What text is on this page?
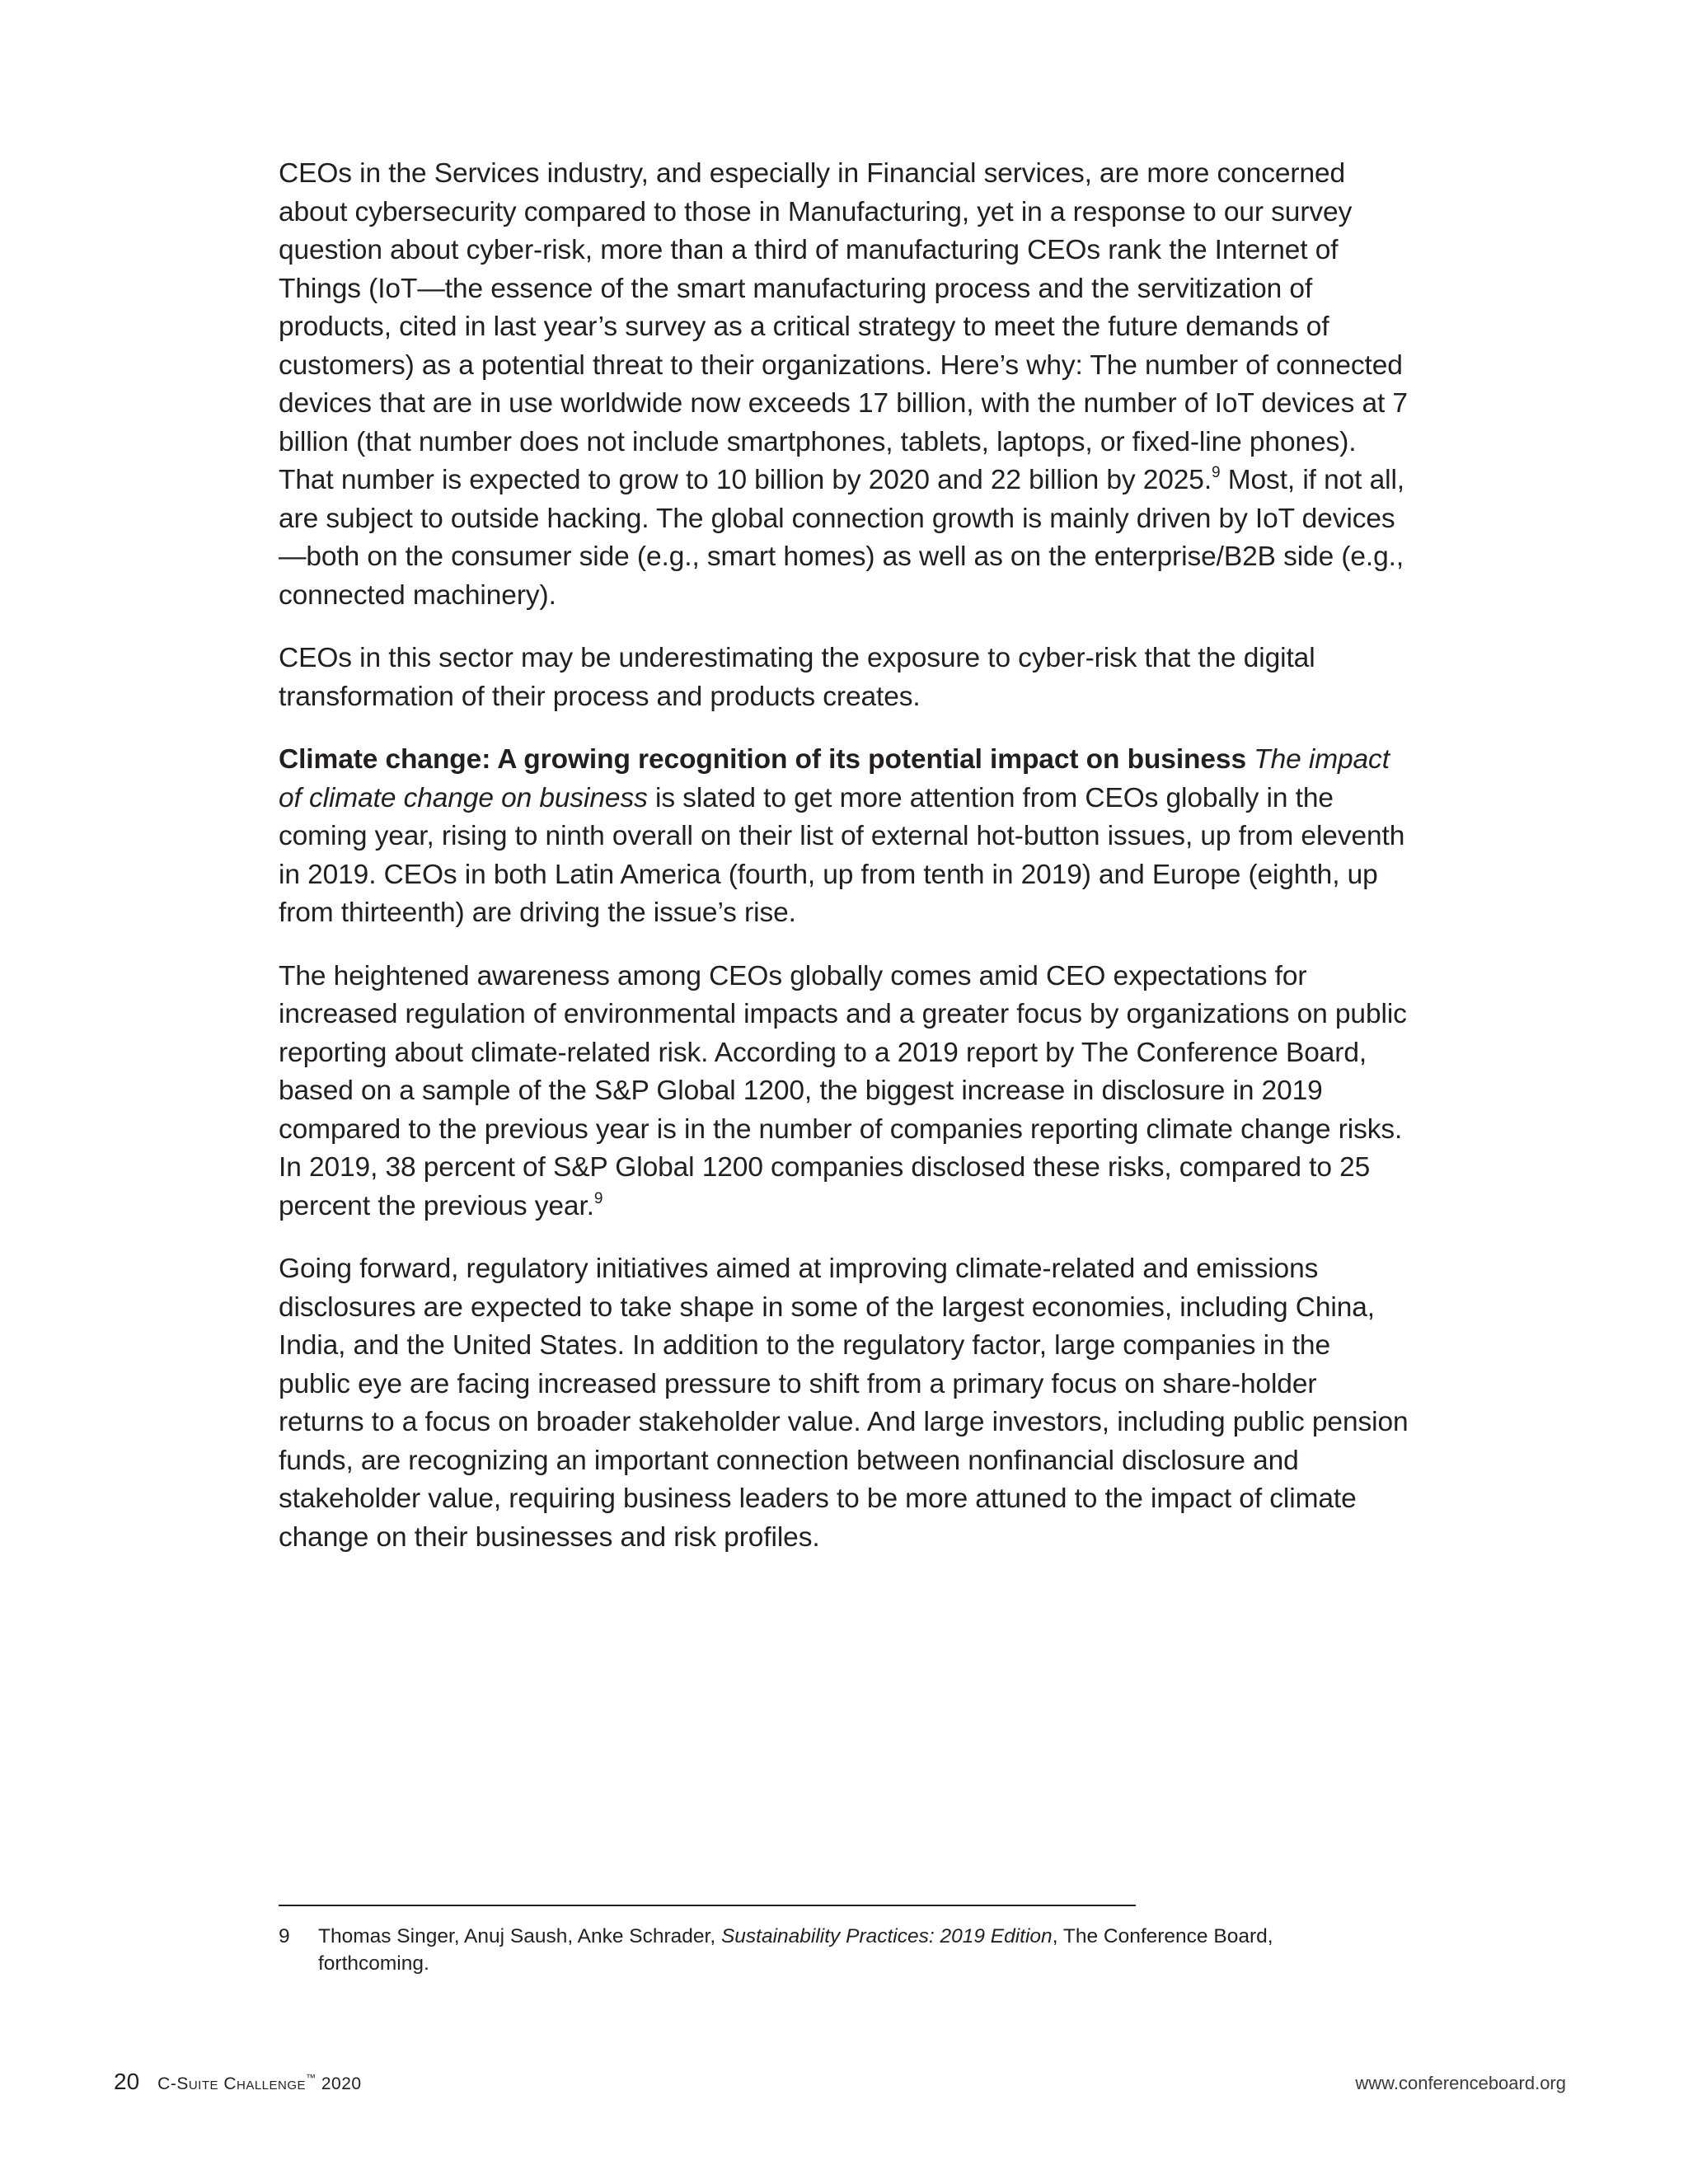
CEOs in the Services industry, and especially in Financial services, are more concerned about cybersecurity compared to those in Manufacturing, yet in a response to our survey question about cyber-risk, more than a third of manufacturing CEOs rank the Internet of Things (IoT—the essence of the smart manufacturing process and the servitization of products, cited in last year’s survey as a critical strategy to meet the future demands of customers) as a potential threat to their organizations. Here’s why: The number of connected devices that are in use worldwide now exceeds 17 billion, with the number of IoT devices at 7 billion (that number does not include smartphones, tablets, laptops, or fixed-line phones). That number is expected to grow to 10 billion by 2020 and 22 billion by 2025.$^9$ Most, if not all, are subject to outside hacking. The global connection growth is mainly driven by IoT devices—both on the consumer side (e.g., smart homes) as well as on the enterprise/B2B side (e.g., connected machinery).

CEOs in this sector may be underestimating the exposure to cyber-risk that the digital transformation of their process and products creates.

Climate change: A growing recognition of its potential impact on business The impact of climate change on business is slated to get more attention from CEOs globally in the coming year, rising to ninth overall on their list of external hot-button issues, up from eleventh in 2019. CEOs in both Latin America (fourth, up from tenth in 2019) and Europe (eighth, up from thirteenth) are driving the issue’s rise.

The heightened awareness among CEOs globally comes amid CEO expectations for increased regulation of environmental impacts and a greater focus by organizations on public reporting about climate-related risk. According to a 2019 report by The Conference Board, based on a sample of the S&P Global 1200, the biggest increase in disclosure in 2019 compared to the previous year is in the number of companies reporting climate change risks. In 2019, 38 percent of S&P Global 1200 companies disclosed these risks, compared to 25 percent the previous year.$^9$

Going forward, regulatory initiatives aimed at improving climate-related and emissions disclosures are expected to take shape in some of the largest economies, including China, India, and the United States. In addition to the regulatory factor, large companies in the public eye are facing increased pressure to shift from a primary focus on share-holder returns to a focus on broader stakeholder value. And large investors, including public pension funds, are recognizing an important connection between nonfinancial disclosure and stakeholder value, requiring business leaders to be more attuned to the impact of climate change on their businesses and risk profiles.

9	Thomas Singer, Anuj Saush, Anke Schrader, Sustainability Practices: 2019 Edition, The Conference Board, forthcoming.
20 C-Suite Challenge™ 2020	www.conferenceboard.org
